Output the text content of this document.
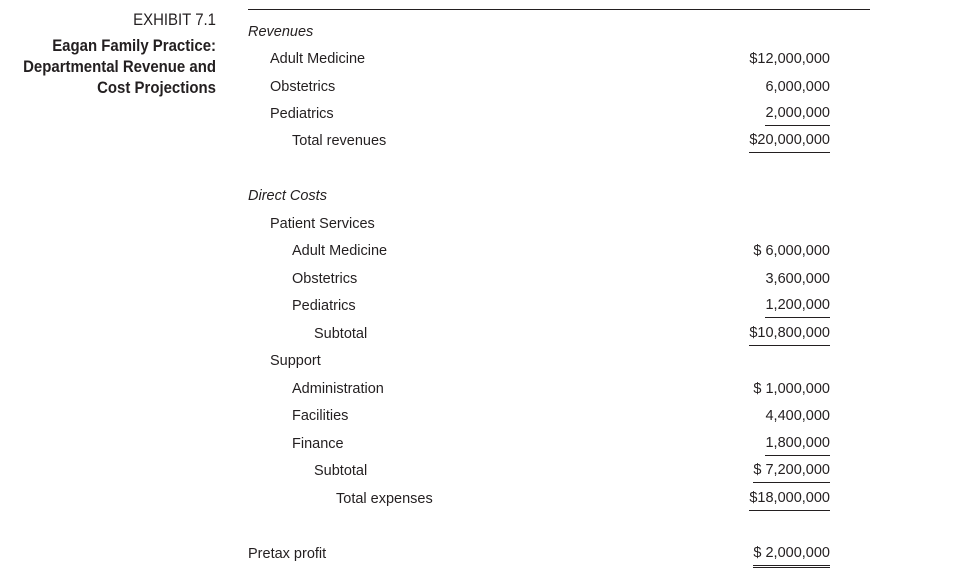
EXHIBIT 7.1
Eagan Family Practice: Departmental Revenue and Cost Projections
Revenues
Adult Medicine	$12,000,000
Obstetrics	6,000,000
Pediatrics	2,000,000
Total revenues	$20,000,000
Direct Costs
Patient Services
Adult Medicine	$ 6,000,000
Obstetrics	3,600,000
Pediatrics	1,200,000
Subtotal	$10,800,000
Support
Administration	$ 1,000,000
Facilities	4,400,000
Finance	1,800,000
Subtotal	$ 7,200,000
Total expenses	$18,000,000
Pretax profit	$ 2,000,000
